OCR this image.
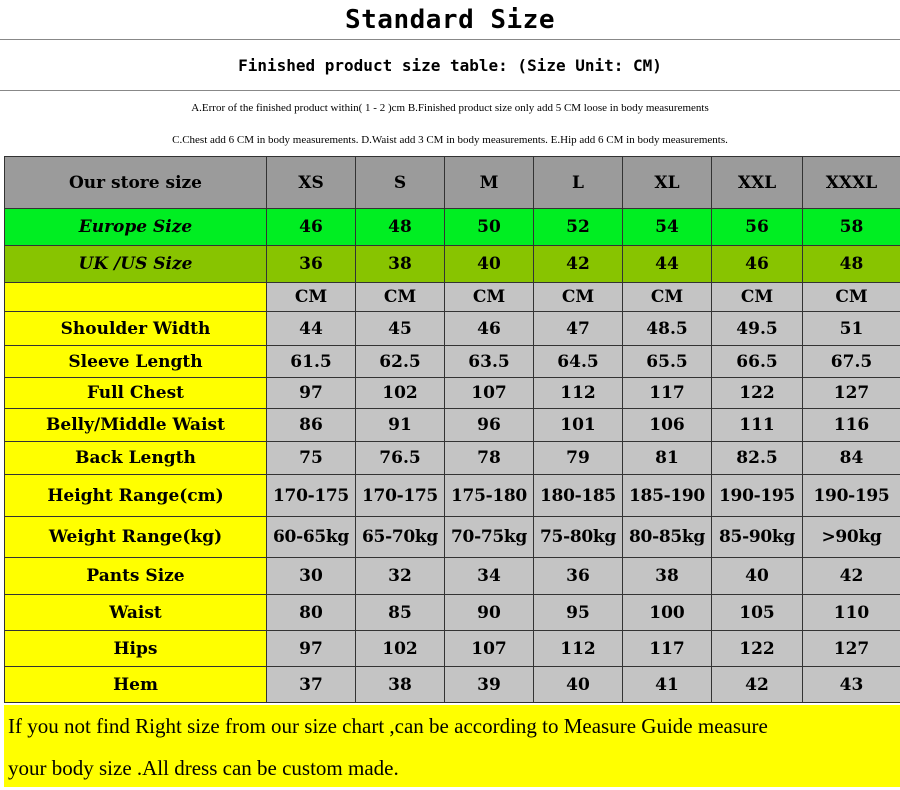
Standard Size
Finished product size table: (Size Unit: CM)
A.Error of the finished product within( 1 - 2 )cm B.Finished product size only add 5 CM loose in body measurements
C.Chest add 6 CM in body measurements. D.Waist add 3 CM in body measurements. E.Hip add 6 CM in body measurements.
Our store size	XS	S	M	L	XL	XXL	XXXL
Europe Size	46	48	50	52	54	56	58
UK /US Size	36	38	40	42	44	46	48
	CM	CM	CM	CM	CM	CM	CM
Shoulder Width	44	45	46	47	48.5	49.5	51
Sleeve Length	61.5	62.5	63.5	64.5	65.5	66.5	67.5
Full Chest	97	102	107	112	117	122	127
Belly/Middle Waist	86	91	96	101	106	111	116
Back Length	75	76.5	78	79	81	82.5	84
Height Range(cm)	170-175	170-175	175-180	180-185	185-190	190-195	190-195
Weight Range(kg)	60-65kg	65-70kg	70-75kg	75-80kg	80-85kg	85-90kg	>90kg
Pants Size	30	32	34	36	38	40	42
Waist	80	85	90	95	100	105	110
Hips	97	102	107	112	117	122	127
Hem	37	38	39	40	41	42	43
If you not find Right size from our size chart ,can be according to Measure Guide measure
your body size .All dress can be custom made.
